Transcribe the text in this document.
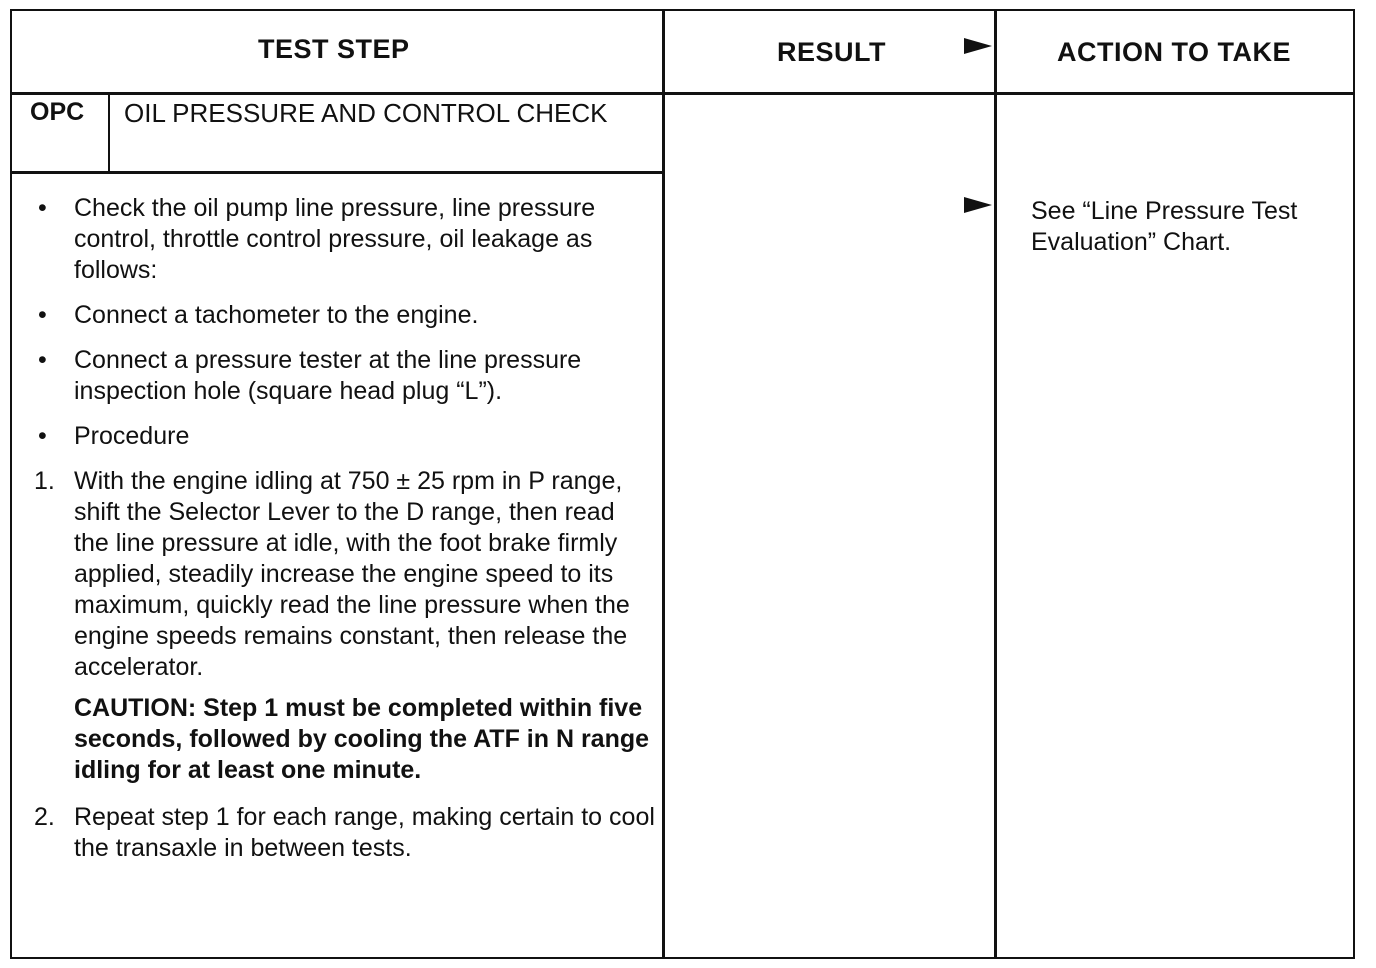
TEST STEP	RESULT	ACTION TO TAKE
OPC OIL PRESSURE AND CONTROL CHECK
• Check the oil pump line pressure, line pressure control, throttle control pressure, oil leakage as follows:
• Connect a tachometer to the engine.
• Connect a pressure tester at the line pressure inspection hole (square head plug “L”).
• Procedure
1. With the engine idling at 750 ± 25 rpm in P range, shift the Selector Lever to the D range, then read the line pressure at idle, with the foot brake firmly applied, steadily increase the engine speed to its maximum, quickly read the line pressure when the engine speeds remains constant, then release the accelerator.
CAUTION: Step 1 must be completed within five seconds, followed by cooling the ATF in N range idling for at least one minute.
2. Repeat step 1 for each range, making certain to cool the transaxle in between tests.
See “Line Pressure Test Evaluation” Chart.
